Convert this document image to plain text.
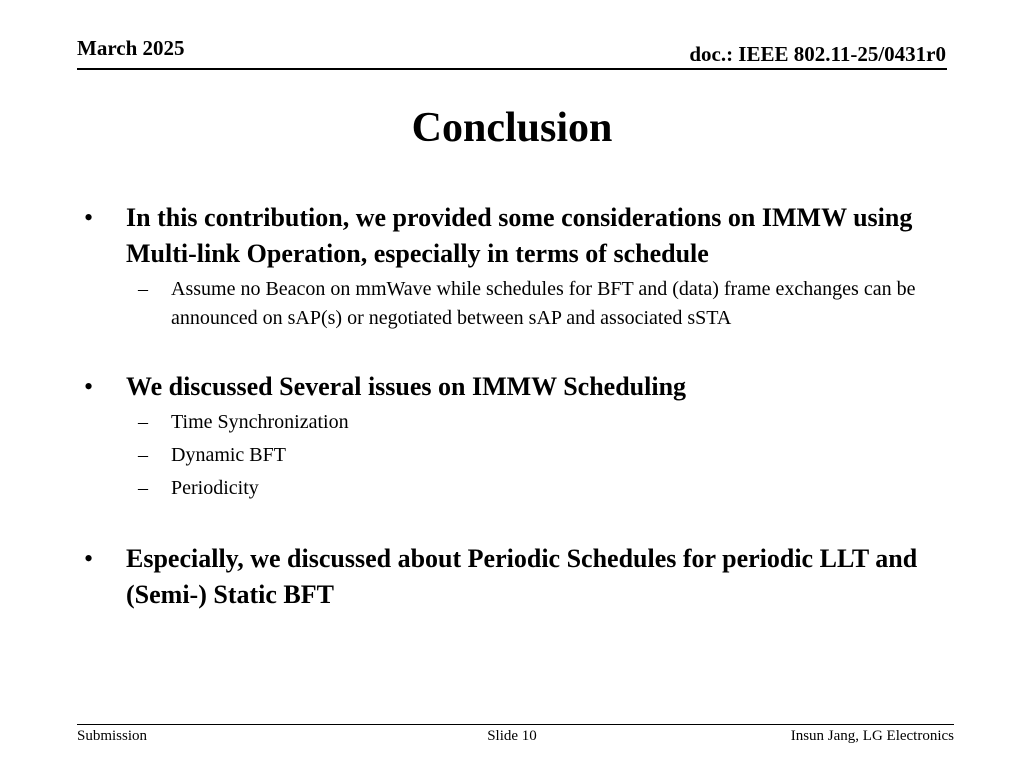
March 2025	doc.: IEEE 802.11-25/0431r0
Conclusion
• In this contribution, we provided some considerations on IMMW using Multi-link Operation, especially in terms of schedule
– Assume no Beacon on mmWave while schedules for BFT and (data) frame exchanges can be announced on sAP(s) or negotiated between sAP and associated sSTA
• We discussed Several issues on IMMW Scheduling
– Time Synchronization
– Dynamic BFT
– Periodicity
• Especially, we discussed about Periodic Schedules for periodic LLT and (Semi-) Static BFT
Submission	Slide 10	Insun Jang, LG Electronics
